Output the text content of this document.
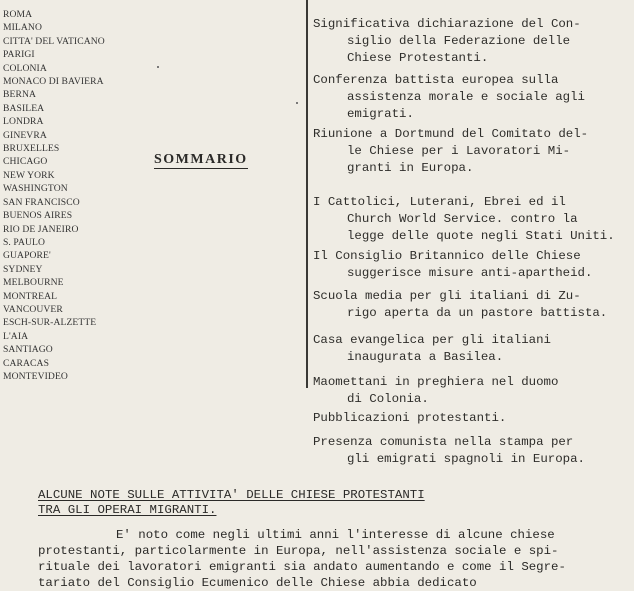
ROMA
MILANO
CITTA' DEL VATICANO
PARIGI
COLONIA
MONACO DI BAVIERA
BERNA
BASILEA
LONDRA
GINEVRA
BRUXELLES
CHICAGO
NEW YORK
WASHINGTON
SAN FRANCISCO
BUENOS AIRES
RIO DE JANEIRO
S. PAULO
GUAPORE'
SYDNEY
MELBOURNE
MONTREAL
VANCOUVER
ESCH-SUR-ALZETTE
L'AIA
SANTIAGO
CARACAS
MONTEVIDEO
SOMMARIO
Significativa dichiarazione del Con-
siglio della Federazione delle
Chiese Protestanti.
Conferenza battista europea sulla
assistenza morale e sociale agli
emigrati.
Riunione a Dortmund del Comitato del-
le Chiese per i Lavoratori Mi-
granti in Europa.
I Cattolici, Luterani, Ebrei ed il
Church World Service. contro la
legge delle quote negli Stati Uniti.
Il Consiglio Britannico delle Chiese
suggerisce misure anti-apartheid.
Scuola media per gli italiani di Zu-
rigo aperta da un pastore battista.
Casa evangelica per gli italiani
inaugurata a Basilea.
Maomettani in preghiera nel duomo
di Colonia.
Pubblicazioni protestanti.
Presenza comunista nella stampa per
gli emigrati spagnoli in Europa.
ALCUNE NOTE SULLE ATTIVITA' DELLE CHIESE PROTESTANTI
TRA GLI OPERAI MIGRANTI.
E' noto come negli ultimi anni l'interesse di alcune chiese
protestanti, particolarmente in Europa, nell'assistenza sociale e spi-
rituale dei lavoratori emigranti sia andato aumentando e come il Segre-
tariato del Consiglio Ecumenico delle Chiese abbia dedicato
